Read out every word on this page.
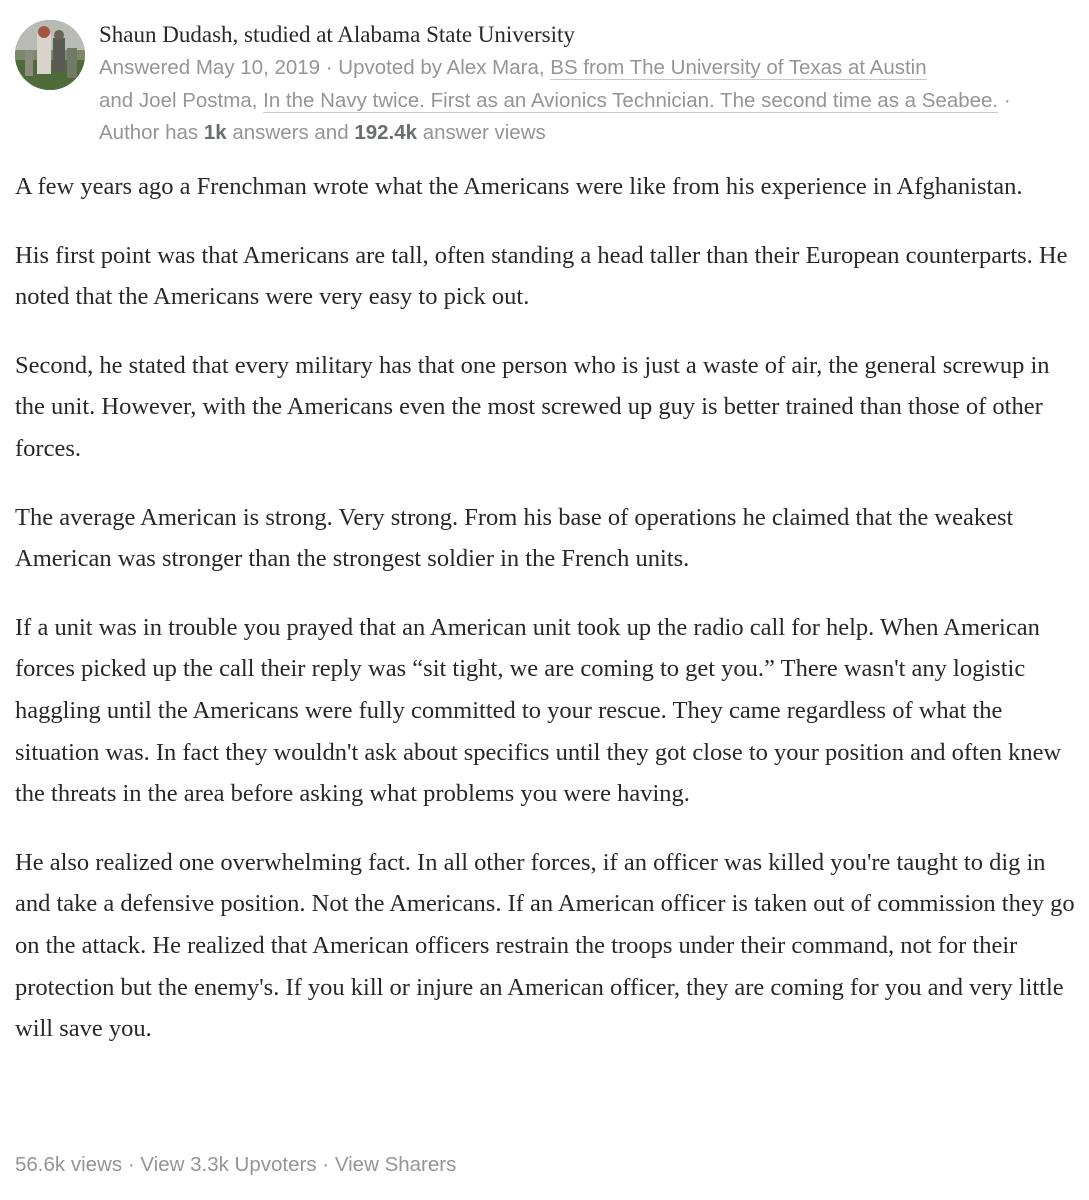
Shaun Dudash, studied at Alabama State University
Answered May 10, 2019 · Upvoted by Alex Mara, BS from The University of Texas at Austin
and Joel Postma, In the Navy twice. First as an Avionics Technician. The second time as a Seabee. · Author has 1k answers and 192.4k answer views

A few years ago a Frenchman wrote what the Americans were like from his experience in Afghanistan.

His first point was that Americans are tall, often standing a head taller than their European counterparts. He noted that the Americans were very easy to pick out.

Second, he stated that every military has that one person who is just a waste of air, the general screwup in the unit. However, with the Americans even the most screwed up guy is better trained than those of other forces.

The average American is strong. Very strong. From his base of operations he claimed that the weakest American was stronger than the strongest soldier in the French units.

If a unit was in trouble you prayed that an American unit took up the radio call for help. When American forces picked up the call their reply was “sit tight, we are coming to get you.” There wasn't any logistic haggling until the Americans were fully committed to your rescue. They came regardless of what the situation was. In fact they wouldn't ask about specifics until they got close to your position and often knew the threats in the area before asking what problems you were having.

He also realized one overwhelming fact. In all other forces, if an officer was killed you're taught to dig in and take a defensive position. Not the Americans. If an American officer is taken out of commission they go on the attack. He realized that American officers restrain the troops under their command, not for their protection but the enemy's. If you kill or injure an American officer, they are coming for you and very little will save you.

56.6k views · View 3.3k Upvoters · View Sharers
